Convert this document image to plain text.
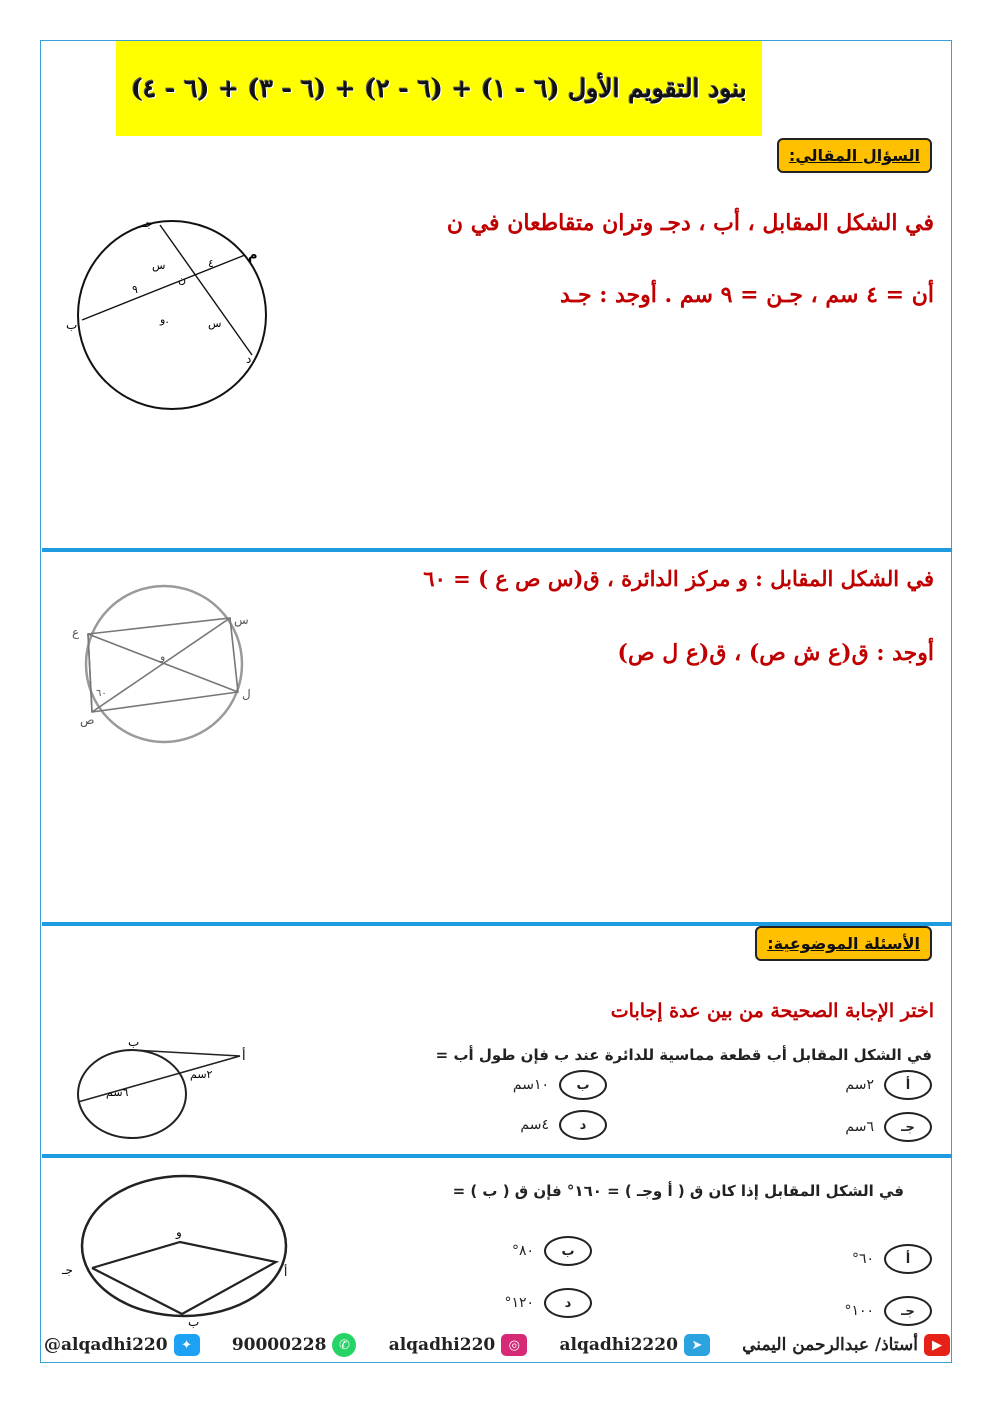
بنود التقويم الأول (٦ - ١) + (٦ - ٢) + (٦ - ٣) + (٦ - ٤)
السؤال المقالي:
في الشكل المقابل ، أب ، دجـ وتران متقاطعان في ن
أن = ٤ سم ، جـن = ٩ سم . أوجد : جـد
جـ
م
ب
د
س
ن
٤
٩
و.	س
في الشكل المقابل : و مركز الدائرة ، ق(س ص ع ) = ٦٠
أوجد : ق(ع ش ص) ، ق(ع ل ص)
ع
س
و
ل
ص
٦٠
الأسئلة الموضوعية:
اختر الإجابة الصحيحة من بين عدة إجابات
في الشكل المقابل أب قطعة مماسية للدائرة عند ب فإن طول أب =
أ
٢سم
ب
١٠سم
جـ
٦سم
د
٤سم
ب
أ
٢سم
٦سم
في الشكل المقابل إذا كان ق ( أ وجـ ) = ١٦٠° فإن ق ( ب ) =
أ
٦٠°
ب
٨٠°
جـ
١٠٠°
د
١٢٠°
و
جـ	أ
ب
@alqadhi220	✦	90000228 ✆	alqadhi220	◎	alqadhi2220	➤	أستاذ/ عبدالرحمن اليمني	▶
